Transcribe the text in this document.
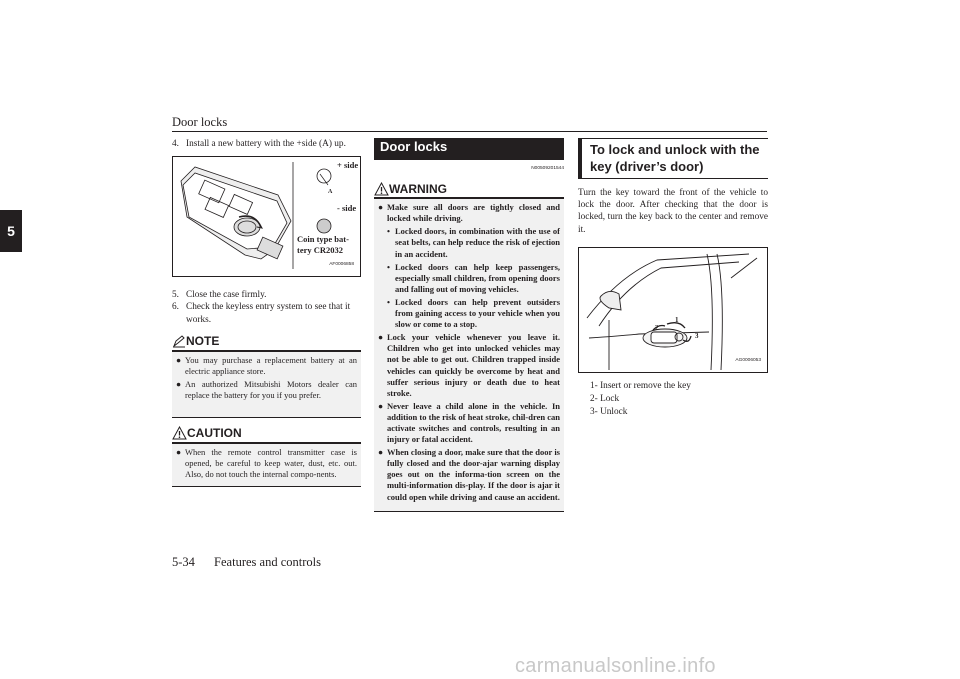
Door locks
5
4. Install a new battery with the +side (A) up.
+ side
A
- side
Coin type bat-tery CR2032
AF0006858
5. Close the case firmly.
6. Check the keyless entry system to see that it works.
NOTE
● You may purchase a replacement battery at an electric appliance store.
● An authorized Mitsubishi Motors dealer can replace the battery for you if you prefer.
CAUTION
● When the remote control transmitter case is opened, be careful to keep water, dust, etc. out. Also, do not touch the internal compo-nents.
Door locks
N00509201544
WARNING
● Make sure all doors are tightly closed and locked while driving.
• Locked doors, in combination with the use of seat belts, can help reduce the risk of ejection in an accident.
• Locked doors can help keep passengers, especially small children, from opening doors and falling out of moving vehicles.
• Locked doors can help prevent outsiders from gaining access to your vehicle when you slow or come to a stop.
● Lock your vehicle whenever you leave it. Children who get into unlocked vehicles may not be able to get out. Children trapped inside vehicles can quickly be overcome by heat and suffer serious injury or death due to heat stroke.
● Never leave a child alone in the vehicle. In addition to the risk of heat stroke, chil-dren can activate switches and controls, resulting in an injury or fatal accident.
● When closing a door, make sure that the door is fully closed and the door-ajar warning display goes out on the informa-tion screen on the multi-information dis-play. If the door is ajar it could open while driving and cause an accident.
To lock and unlock with the key (driver’s door)
Turn the key toward the front of the vehicle to lock the door. After checking that the door is locked, turn the key back to the center and remove it.
1
2
3
AG0006053
1- Insert or remove the key
2- Lock
3- Unlock
5-34 Features and controls
carmanualsonline.info
